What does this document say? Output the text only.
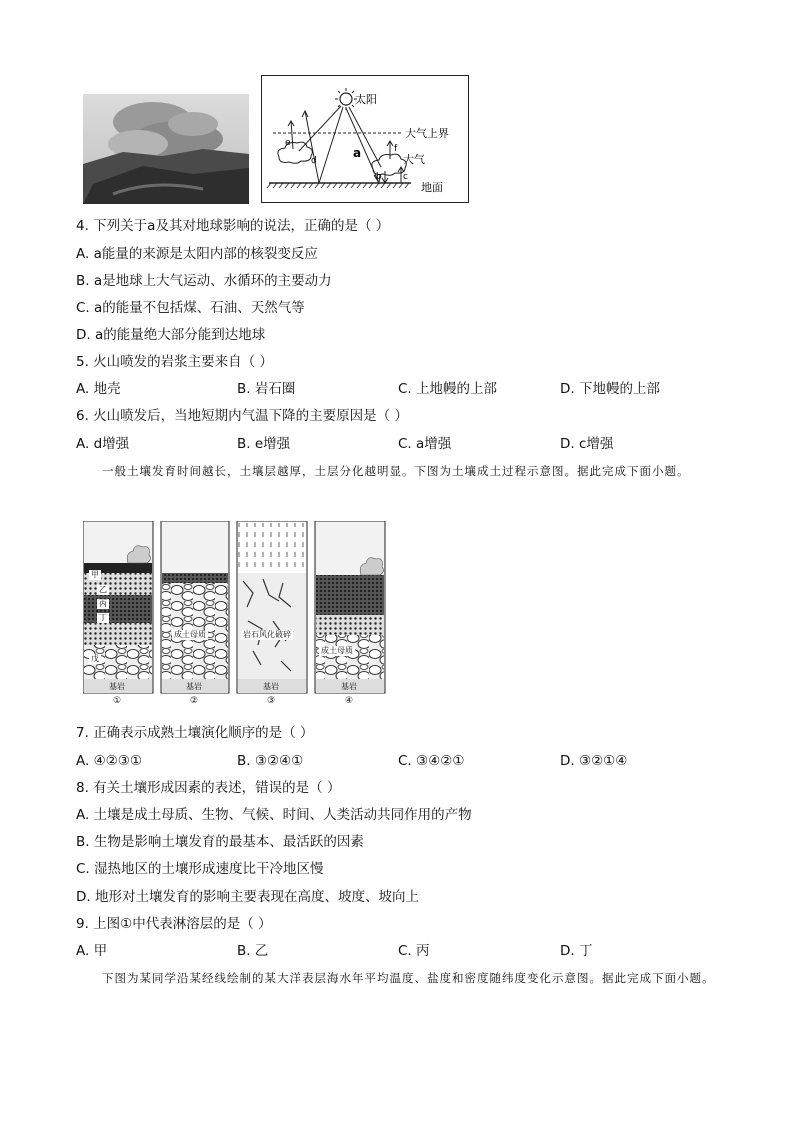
太阳
大气上界
大气
地面
a
b c
d
e
f
4. 下列关于a及其对地球影响的说法，正确的是（ ）
A. a能量的来源是太阳内部的核裂变反应
B. a是地球上大气运动、水循环的主要动力
C. a的能量不包括煤、石油、天然气等
D. a的能量绝大部分能到达地球
5. 火山喷发的岩浆主要来自（ ）
A. 地壳	B. 岩石圈	C. 上地幔的上部	D. 下地幔的上部
6. 火山喷发后，当地短期内气温下降的主要原因是（ ）
A. d增强	B. e增强	C. a增强	D. c增强
一般土壤发育时间越长，土壤层越厚，土层分化越明显。下图为土壤成土过程示意图。据此完成下面小题。
甲
乙
丙
丁
戊
成土母质	岩石风化破碎
成土母质
基岩	基岩	基岩	基岩
①	②	③	④
7. 正确表示成熟土壤演化顺序的是（ ）
A. ④②③①	B. ③②④①	C. ③④②①	D. ③②①④
8. 有关土壤形成因素的表述，错误的是（ ）
A. 土壤是成土母质、生物、气候、时间、人类活动共同作用的产物
B. 生物是影响土壤发育的最基本、最活跃的因素
C. 湿热地区的土壤形成速度比干冷地区慢
D. 地形对土壤发育的影响主要表现在高度、坡度、坡向上
9. 上图①中代表淋溶层的是（ ）
A. 甲	B. 乙	C. 丙	D. 丁
下图为某同学沿某经线绘制的某大洋表层海水年平均温度、盐度和密度随纬度变化示意图。据此完成下面小题。
